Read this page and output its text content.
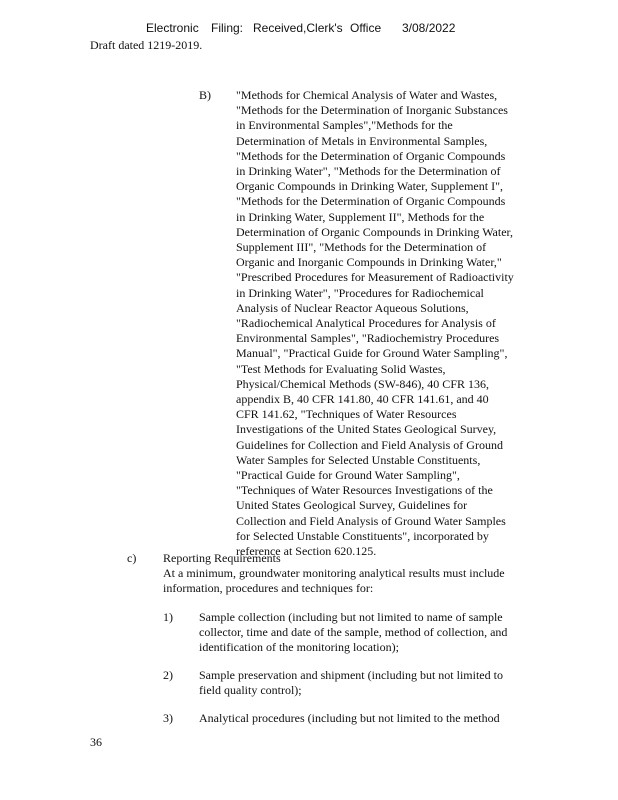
Electronic Filing: Received,Clerk's Office 3/08/2022
Draft dated 1219-2019.
B) "Methods for Chemical Analysis of Water and Wastes,

"Methods for the Determination of Inorganic Substances

in Environmental Samples","Methods for the

Determination of Metals in Environmental Samples,

"Methods for the Determination of Organic Compounds

in Drinking Water", "Methods for the Determination of

Organic Compounds in Drinking Water, Supplement I",

"Methods for the Determination of Organic Compounds

in Drinking Water, Supplement II", Methods for the

Determination of Organic Compounds in Drinking Water,

Supplement III", "Methods for the Determination of

Organic and Inorganic Compounds in Drinking Water,"

"Prescribed Procedures for Measurement of Radioactivity

in Drinking Water", "Procedures for Radiochemical

Analysis of Nuclear Reactor Aqueous Solutions,

"Radiochemical Analytical Procedures for Analysis of

Environmental Samples", "Radiochemistry Procedures

Manual", "Practical Guide for Ground Water Sampling",

"Test Methods for Evaluating Solid Wastes,

Physical/Chemical Methods (SW-846), 40 CFR 136,

appendix B, 40 CFR 141.80, 40 CFR 141.61, and 40

CFR 141.62, "Techniques of Water Resources

Investigations of the United States Geological Survey,

Guidelines for Collection and Field Analysis of Ground

Water Samples for Selected Unstable Constituents,

"Practical Guide for Ground Water Sampling",

"Techniques of Water Resources Investigations of the

United States Geological Survey, Guidelines for

Collection and Field Analysis of Ground Water Samples

for Selected Unstable Constituents", incorporated by

reference at Section 620.125.

c) Reporting Requirements

At a minimum, groundwater monitoring analytical results must include

information, procedures and techniques for:

1) Sample collection (including but not limited to name of sample

collector, time and date of the sample, method of collection, and

identification of the monitoring location);

2) Sample preservation and shipment (including but not limited to

field quality control);

3) Analytical procedures (including but not limited to the method

36
